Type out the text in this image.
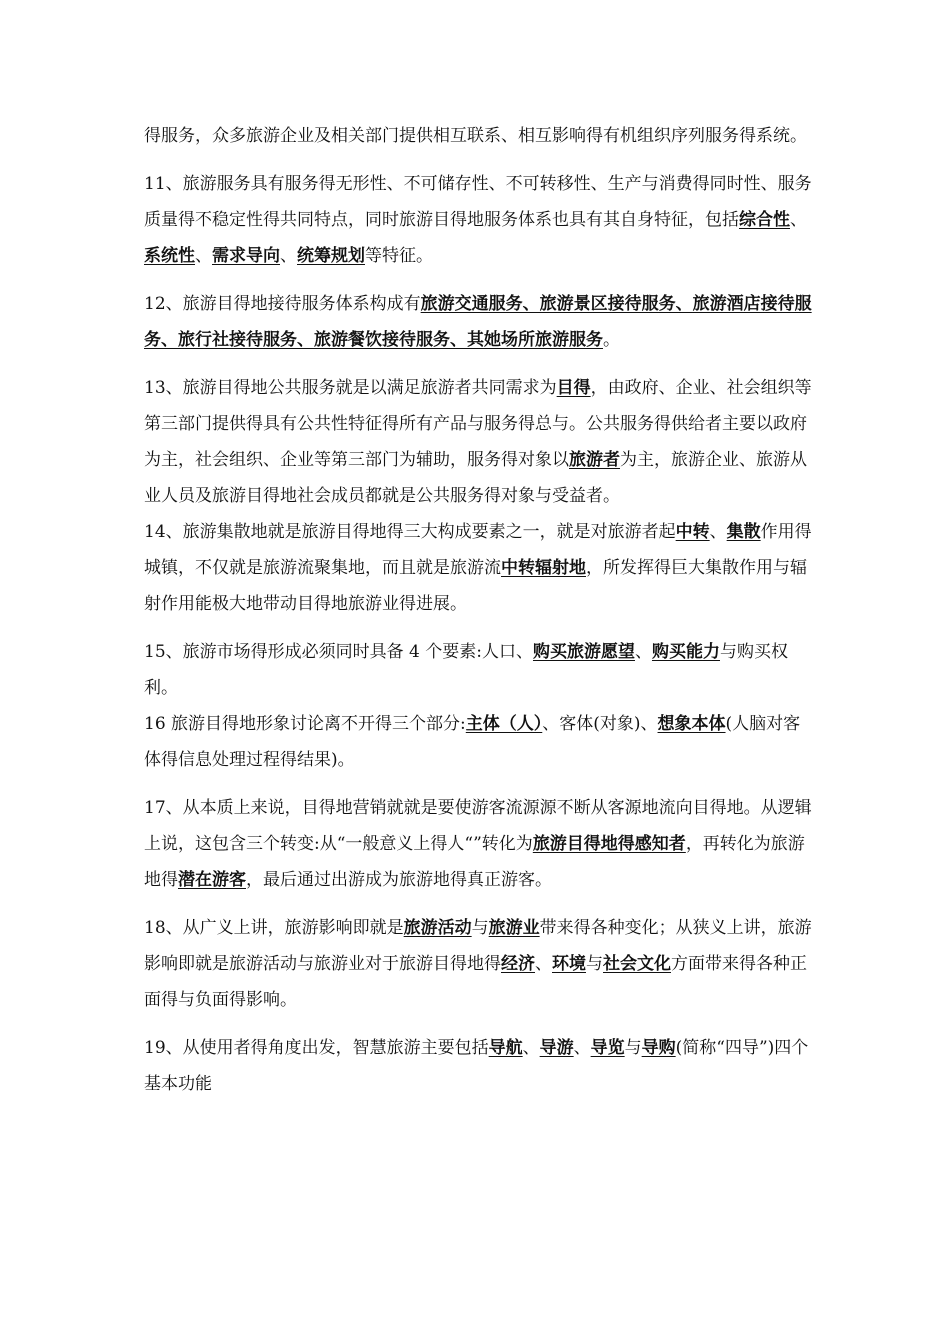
得服务，众多旅游企业及相关部门提供相互联系、相互影响得有机组织序列服务得系统。

11、旅游服务具有服务得无形性、不可储存性、不可转移性、生产与消费得同时性、服务质量得不稳定性得共同特点，同时旅游目得地服务体系也具有其自身特征，包括综合性、系统性、需求导向、统筹规划等特征。

12、旅游目得地接待服务体系构成有旅游交通服务、旅游景区接待服务、旅游酒店接待服务、旅行社接待服务、旅游餐饮接待服务、其她场所旅游服务。

13、旅游目得地公共服务就是以满足旅游者共同需求为目得，由政府、企业、社会组织等第三部门提供得具有公共性特征得所有产品与服务得总与。公共服务得供给者主要以政府为主，社会组织、企业等第三部门为辅助，服务得对象以旅游者为主，旅游企业、旅游从业人员及旅游目得地社会成员都就是公共服务得对象与受益者。

14、旅游集散地就是旅游目得地得三大构成要素之一，就是对旅游者起中转、集散作用得城镇，不仅就是旅游流聚集地，而且就是旅游流中转辐射地，所发挥得巨大集散作用与辐射作用能极大地带动目得地旅游业得进展。

15、旅游市场得形成必须同时具备 4 个要素:人口、购买旅游愿望、购买能力与购买权利。

16 旅游目得地形象讨论离不开得三个部分:主体（人）、客体(对象)、想象本体(人脑对客体得信息处理过程得结果)。

17、从本质上来说，目得地营销就就是要使游客流源源不断从客源地流向目得地。从逻辑上说，这包含三个转变:从“一般意义上得人“”转化为旅游目得地得感知者，再转化为旅游地得潜在游客，最后通过出游成为旅游地得真正游客。

18、从广义上讲，旅游影响即就是旅游活动与旅游业带来得各种变化；从狭义上讲，旅游影响即就是旅游活动与旅游业对于旅游目得地得经济、环境与社会文化方面带来得各种正面得与负面得影响。

19、从使用者得角度出发，智慧旅游主要包括导航、导游、导览与导购(简称“四导”)四个基本功能
